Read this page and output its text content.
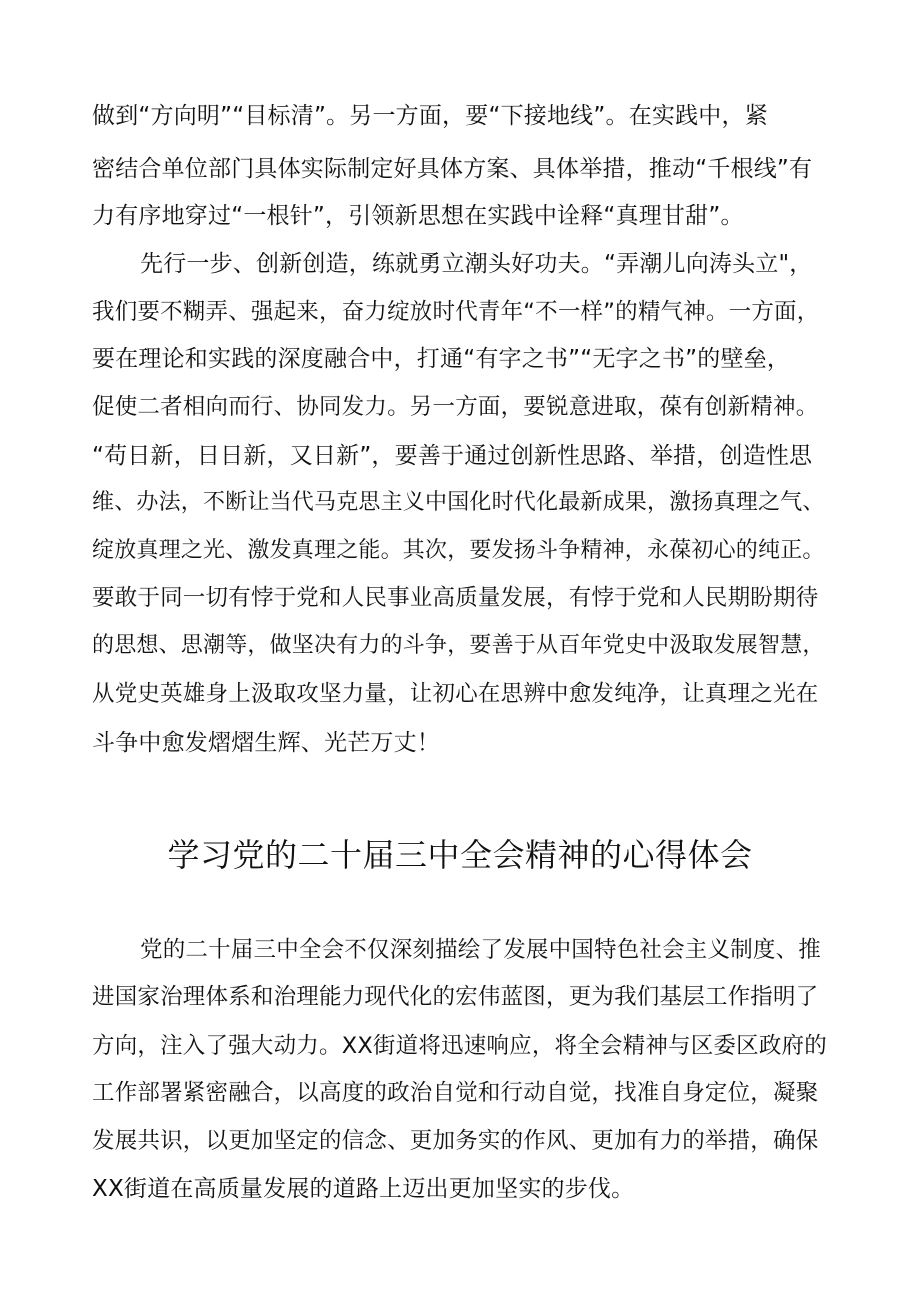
做到“方向明”“目标清”。另一方面，要“下接地线”。在实践中，紧
密结合单位部门具体实际制定好具体方案、具体举措，推动“千根线”有
力有序地穿过“一根针”，引领新思想在实践中诠释“真理甘甜”。
先行一步、创新创造，练就勇立潮头好功夫。“弄潮儿向涛头立"，
我们要不糊弄、强起来，奋力绽放时代青年“不一样”的精气神。一方面，
要在理论和实践的深度融合中，打通“有字之书”“无字之书”的壁垒，
促使二者相向而行、协同发力。另一方面，要锐意进取，葆有创新精神。
“苟日新，日日新，又日新”，要善于通过创新性思路、举措，创造性思
维、办法，不断让当代马克思主义中国化时代化最新成果，激扬真理之气、
绽放真理之光、激发真理之能。其次，要发扬斗争精神，永葆初心的纯正。
要敢于同一切有悖于党和人民事业高质量发展，有悖于党和人民期盼期待
的思想、思潮等，做坚决有力的斗争，要善于从百年党史中汲取发展智慧，
从党史英雄身上汲取攻坚力量，让初心在思辨中愈发纯净，让真理之光在
斗争中愈发熠熠生辉、光芒万丈！
学习党的二十届三中全会精神的心得体会
党的二十届三中全会不仅深刻描绘了发展中国特色社会主义制度、推
进国家治理体系和治理能力现代化的宏伟蓝图，更为我们基层工作指明了
方向，注入了强大动力。XX街道将迅速响应，将全会精神与区委区政府的
工作部署紧密融合，以高度的政治自觉和行动自觉，找准自身定位，凝聚
发展共识，以更加坚定的信念、更加务实的作风、更加有力的举措，确保
XX街道在高质量发展的道路上迈出更加坚实的步伐。
